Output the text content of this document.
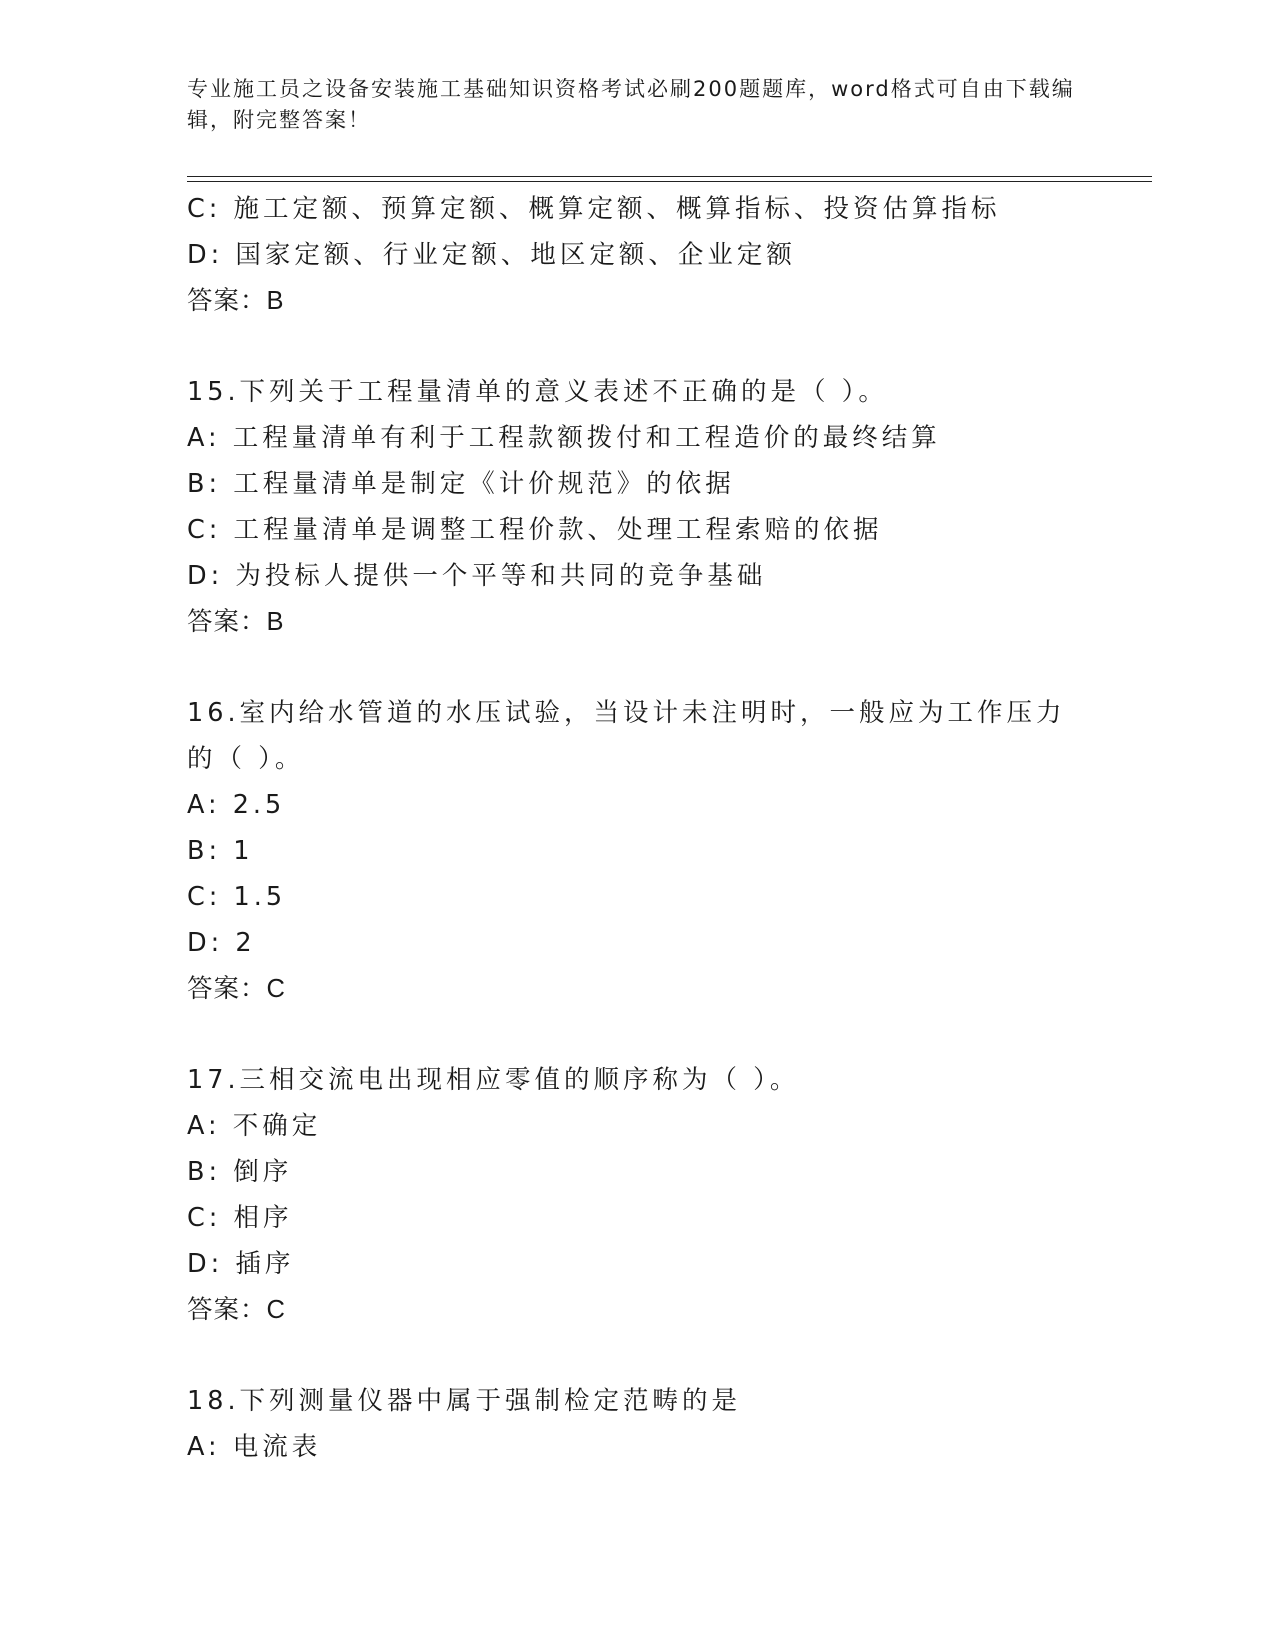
专业施工员之设备安装施工基础知识资格考试必刷200题题库，word格式可自由下载编辑，附完整答案！
C: 施工定额、预算定额、概算定额、概算指标、投资估算指标
D: 国家定额、行业定额、地区定额、企业定额
答案：B
15.下列关于工程量清单的意义表述不正确的是（ ）。
A: 工程量清单有利于工程款额拨付和工程造价的最终结算
B: 工程量清单是制定《计价规范》的依据
C: 工程量清单是调整工程价款、处理工程索赔的依据
D: 为投标人提供一个平等和共同的竞争基础
答案：B
16.室内给水管道的水压试验，当设计未注明时，一般应为工作压力的（ ）。
A: 2.5
B: 1
C: 1.5
D: 2
答案：C
17.三相交流电出现相应零值的顺序称为（ ）。
A: 不确定
B: 倒序
C: 相序
D: 插序
答案：C
18.下列测量仪器中属于强制检定范畴的是
A: 电流表
